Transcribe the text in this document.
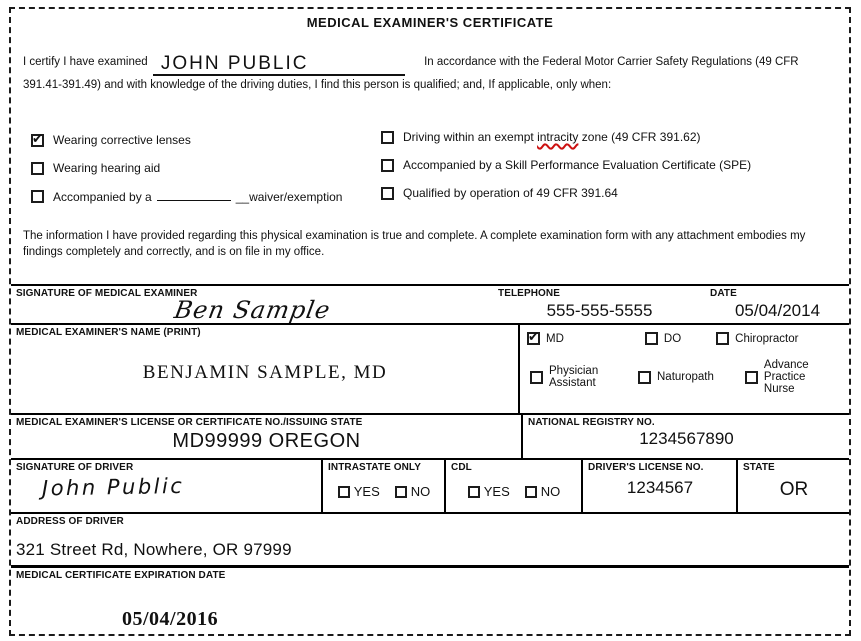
MEDICAL EXAMINER'S CERTIFICATE
I certify I have examined JOHN PUBLIC	In accordance with the Federal Motor Carrier Safety Regulations (49 CFR 391.41-391.49) and with knowledge of the driving duties, I find this person is qualified; and, If applicable, only when:
✔
Wearing corrective lenses
Wearing hearing aid
Accompanied by a	__waiver/exemption
Driving within an exempt intracity zone (49 CFR 391.62)
Accompanied by a Skill Performance Evaluation Certificate (SPE)
Qualified by operation of 49 CFR 391.64
The information I have provided regarding this physical examination is true and complete. A complete examination form with any attachment embodies my findings completely and correctly, and is on file in my office.
SIGNATURE OF MEDICAL EXAMINER
Ben Sample
TELEPHONE
555-555-5555
DATE
05/04/2014
MEDICAL EXAMINER'S NAME (PRINT)
BENJAMIN SAMPLE, MD
✔
MD	DO	Chiropractor
Physician Assistant	Naturopath
Advance Practice Nurse
MEDICAL EXAMINER'S LICENSE OR CERTIFICATE NO./ISSUING STATE
MD99999 OREGON
NATIONAL REGISTRY NO.
1234567890
SIGNATURE OF DRIVER
John Public
INTRASTATE ONLY
YES NO
CDL
YES NO
DRIVER'S LICENSE NO.
1234567
STATE
OR
ADDRESS OF DRIVER
321 Street Rd, Nowhere, OR 97999
MEDICAL CERTIFICATE EXPIRATION DATE
05/04/2016
